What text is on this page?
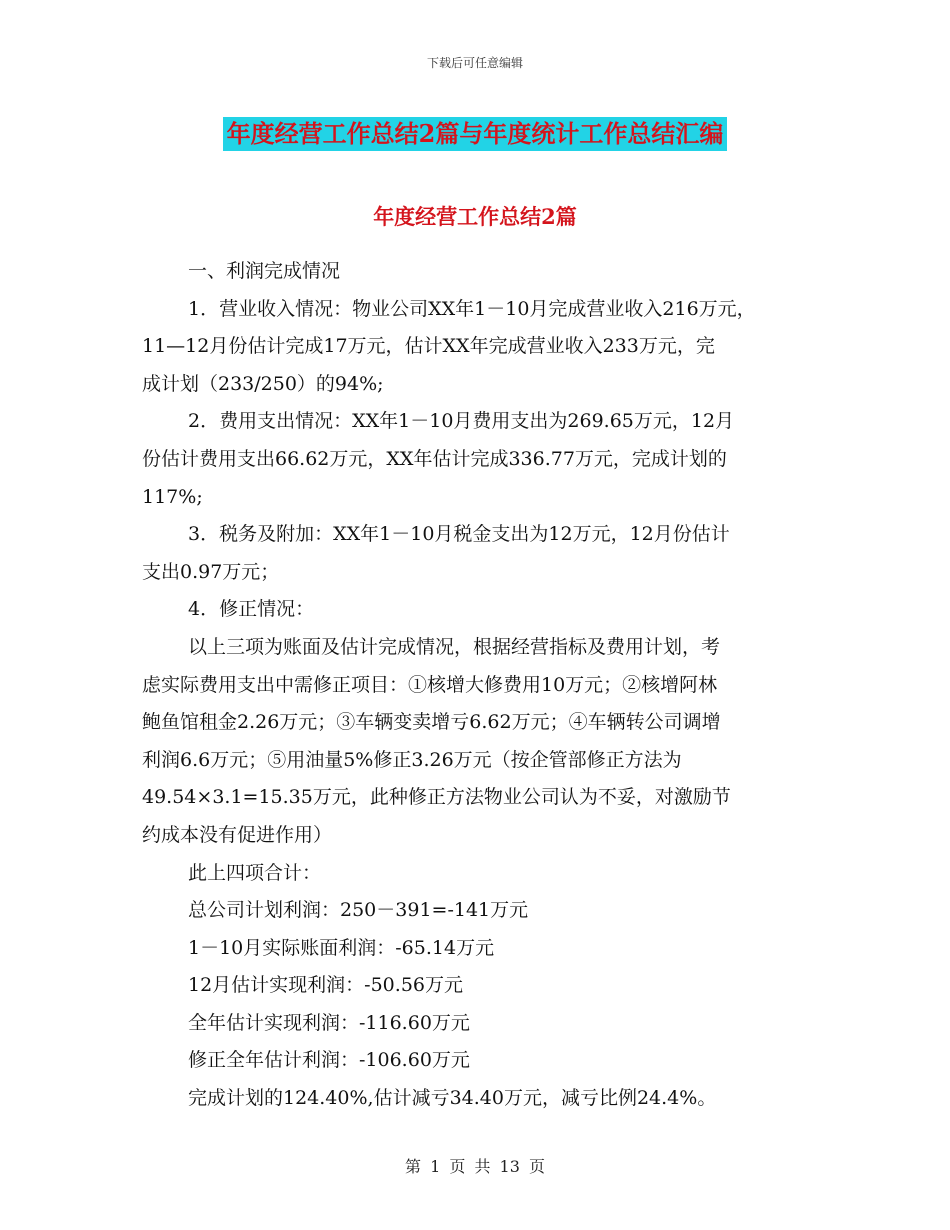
下载后可任意编辑
年度经营工作总结2篇与年度统计工作总结汇编
年度经营工作总结2篇

一、利润完成情况

1．营业收入情况：物业公司XX年1－10月完成营业收入216万元，
11—12月份估计完成17万元，估计XX年完成营业收入233万元，完
成计划（233/250）的94%;

2．费用支出情况：XX年1－10月费用支出为269.65万元，12月
份估计费用支出66.62万元，XX年估计完成336.77万元，完成计划的
117%;

3．税务及附加：XX年1－10月税金支出为12万元，12月份估计
支出0.97万元；

4．修正情况：

以上三项为账面及估计完成情况，根据经营指标及费用计划，考
虑实际费用支出中需修正项目：①核增大修费用10万元；②核增阿林
鲍鱼馆租金2.26万元；③车辆变卖增亏6.62万元；④车辆转公司调增
利润6.6万元；⑤用油量5%修正3.26万元（按企管部修正方法为
49.54×3.1=15.35万元，此种修正方法物业公司认为不妥，对激励节
约成本没有促进作用）

此上四项合计：

总公司计划利润：250－391=-141万元

1－10月实际账面利润：-65.14万元

12月估计实现利润：-50.56万元

全年估计实现利润：-116.60万元

修正全年估计利润：-106.60万元

完成计划的124.40%,估计减亏34.40万元，减亏比例24.4%。

第 1 页 共 13 页
